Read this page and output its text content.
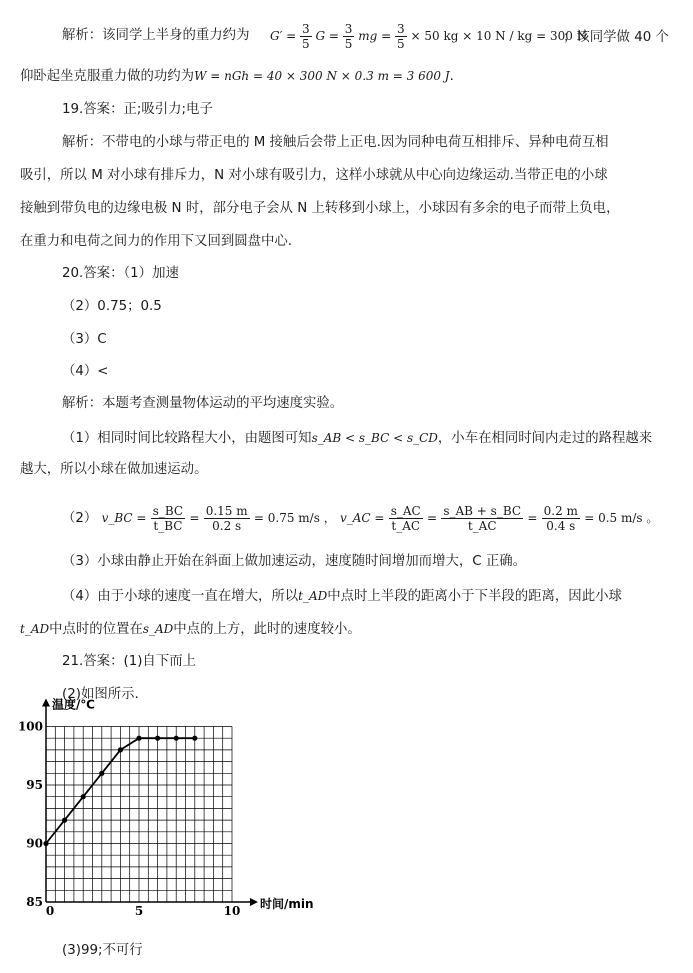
解析：该同学上半身的重力约为 $G' = \frac{3}{5}$ $G = \frac{3}{5}$ mg = $\frac{3}{5} \times 50$ kg × 10 N / kg = 300 N
；该同学做 40 个
仰卧起坐克服重力做的功约为W = nGh = 40 × 300 N × 0.3 m = 3 600 J.
19.答案：正;吸引力;电子
解析：不带电的小球与带正电的 M 接触后会带上正电.因为同种电荷互相排斥、异种电荷互相
吸引，所以 M 对小球有排斥力，N 对小球有吸引力，这样小球就从中心向边缘运动.当带正电的小球
接触到带负电的边缘电极 N 时，部分电子会从 N 上转移到小球上，小球因有多余的电子而带上负电，
在重力和电荷之间力的作用下又回到圆盘中心.
20.答案：（1）加速
（2）0.75；0.5
（3）C
（4）<
解析：本题考查测量物体运动的平均速度实验。
（1）相同时间比较路程大小，由题图可知s_AB < s_BC < s_CD，小车在相同时间内走过的路程越来
越大，所以小球在做加速运动。
（2） v_BC = $\frac{s\_BC}{t\_BC} = \frac{0.15 m}{0.2 s} = 0.75$ m/s ， v_AC = $\frac{s\_AC}{t\_AC} = \frac{s\_AB + s\_BC}{t\_AC} = \frac{0.2 m}{0.4 s} = 0.5$ m/s 。
（3）小球由静止开始在斜面上做加速运动，速度随时间增加而增大，C 正确。
（4）由于小球的速度一直在增大，所以t_AD中点时上半段的距离小于下半段的距离，因此小球
t_AD中点时的位置在s_AD中点的上方，此时的速度较小。
21.答案：(1)自下而上
(2)如图所示.
0	5	10
85
90
95
100
温度/℃
时间/min
(3)99;不可行
